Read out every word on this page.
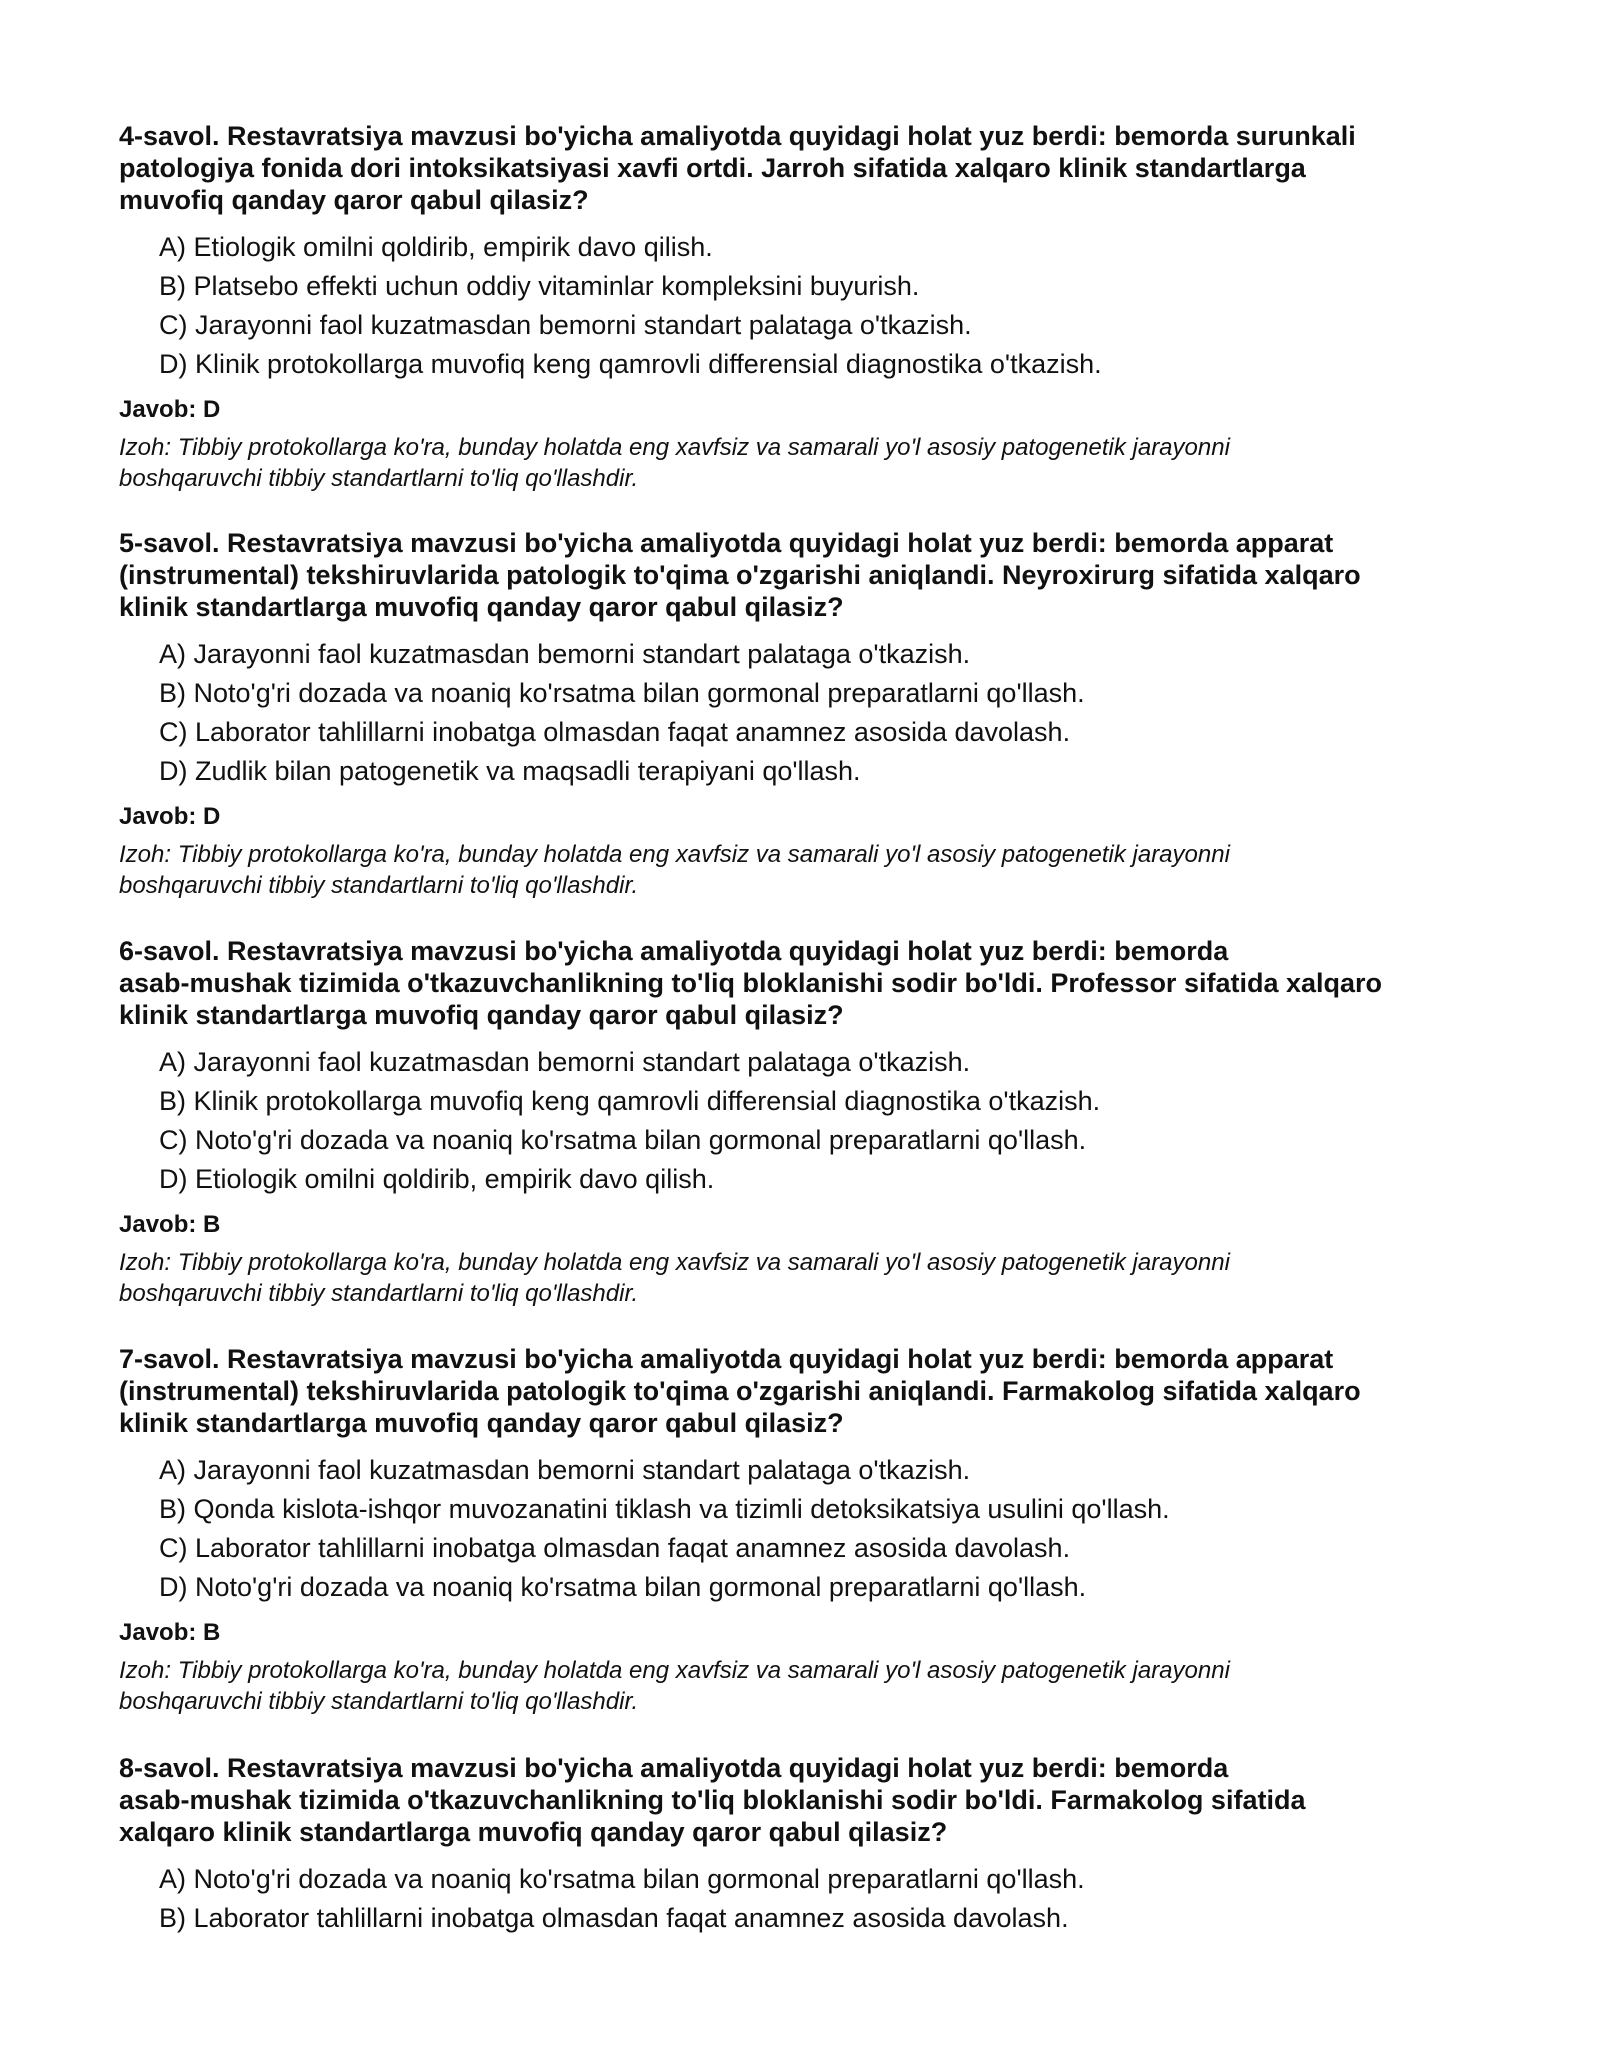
4-savol. Restavratsiya mavzusi bo'yicha amaliyotda quyidagi holat yuz berdi: bemorda surunkali
patologiya fonida dori intoksikatsiyasi xavfi ortdi. Jarroh sifatida xalqaro klinik standartlarga
muvofiq qanday qaror qabul qilasiz?

A) Etiologik omilni qoldirib, empirik davo qilish.
B) Platsebo effekti uchun oddiy vitaminlar kompleksini buyurish.
C) Jarayonni faol kuzatmasdan bemorni standart palataga o'tkazish.
D) Klinik protokollarga muvofiq keng qamrovli differensial diagnostika o'tkazish.

Javob: D

Izoh: Tibbiy protokollarga ko'ra, bunday holatda eng xavfsiz va samarali yo'l asosiy patogenetik jarayonni
boshqaruvchi tibbiy standartlarni to'liq qo'llashdir.

5-savol. Restavratsiya mavzusi bo'yicha amaliyotda quyidagi holat yuz berdi: bemorda apparat
(instrumental) tekshiruvlarida patologik to'qima o'zgarishi aniqlandi. Neyroxirurg sifatida xalqaro
klinik standartlarga muvofiq qanday qaror qabul qilasiz?

A) Jarayonni faol kuzatmasdan bemorni standart palataga o'tkazish.
B) Noto'g'ri dozada va noaniq ko'rsatma bilan gormonal preparatlarni qo'llash.
C) Laborator tahlillarni inobatga olmasdan faqat anamnez asosida davolash.
D) Zudlik bilan patogenetik va maqsadli terapiyani qo'llash.

Javob: D

Izoh: Tibbiy protokollarga ko'ra, bunday holatda eng xavfsiz va samarali yo'l asosiy patogenetik jarayonni
boshqaruvchi tibbiy standartlarni to'liq qo'llashdir.

6-savol. Restavratsiya mavzusi bo'yicha amaliyotda quyidagi holat yuz berdi: bemorda
asab-mushak tizimida o'tkazuvchanlikning to'liq bloklanishi sodir bo'ldi. Professor sifatida xalqaro
klinik standartlarga muvofiq qanday qaror qabul qilasiz?

A) Jarayonni faol kuzatmasdan bemorni standart palataga o'tkazish.
B) Klinik protokollarga muvofiq keng qamrovli differensial diagnostika o'tkazish.
C) Noto'g'ri dozada va noaniq ko'rsatma bilan gormonal preparatlarni qo'llash.
D) Etiologik omilni qoldirib, empirik davo qilish.

Javob: B

Izoh: Tibbiy protokollarga ko'ra, bunday holatda eng xavfsiz va samarali yo'l asosiy patogenetik jarayonni
boshqaruvchi tibbiy standartlarni to'liq qo'llashdir.

7-savol. Restavratsiya mavzusi bo'yicha amaliyotda quyidagi holat yuz berdi: bemorda apparat
(instrumental) tekshiruvlarida patologik to'qima o'zgarishi aniqlandi. Farmakolog sifatida xalqaro
klinik standartlarga muvofiq qanday qaror qabul qilasiz?

A) Jarayonni faol kuzatmasdan bemorni standart palataga o'tkazish.
B) Qonda kislota-ishqor muvozanatini tiklash va tizimli detoksikatsiya usulini qo'llash.
C) Laborator tahlillarni inobatga olmasdan faqat anamnez asosida davolash.
D) Noto'g'ri dozada va noaniq ko'rsatma bilan gormonal preparatlarni qo'llash.

Javob: B

Izoh: Tibbiy protokollarga ko'ra, bunday holatda eng xavfsiz va samarali yo'l asosiy patogenetik jarayonni
boshqaruvchi tibbiy standartlarni to'liq qo'llashdir.

8-savol. Restavratsiya mavzusi bo'yicha amaliyotda quyidagi holat yuz berdi: bemorda
asab-mushak tizimida o'tkazuvchanlikning to'liq bloklanishi sodir bo'ldi. Farmakolog sifatida
xalqaro klinik standartlarga muvofiq qanday qaror qabul qilasiz?

A) Noto'g'ri dozada va noaniq ko'rsatma bilan gormonal preparatlarni qo'llash.
B) Laborator tahlillarni inobatga olmasdan faqat anamnez asosida davolash.
